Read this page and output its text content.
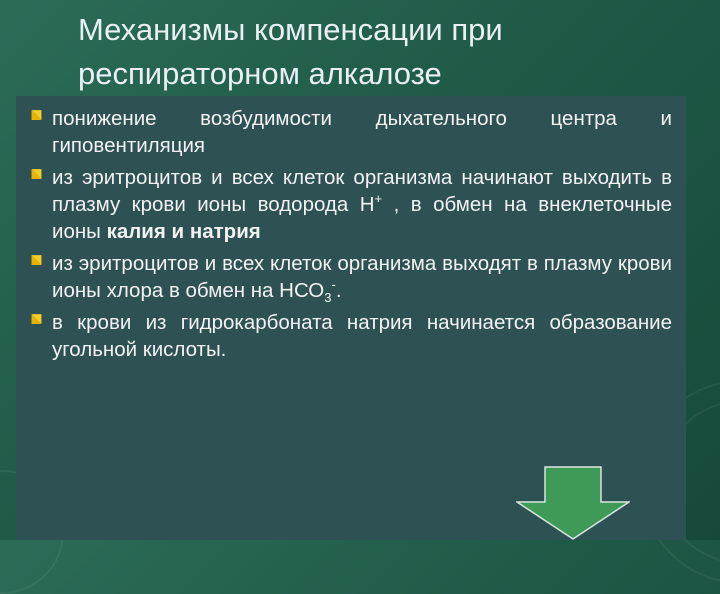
Механизмы компенсации при
респираторном алкалозе
понижение возбудимости дыхательного центра и гиповентиляция
из эритроцитов и всех клеток организма начинают выходить в плазму крови ионы водорода Н+ , в обмен на внеклеточные ионы калия и натрия
из эритроцитов и всех клеток организма выходят в плазму крови ионы хлора в обмен на $НСО_3^-$.
в крови из гидрокарбоната натрия начинается образование угольной кислоты.
